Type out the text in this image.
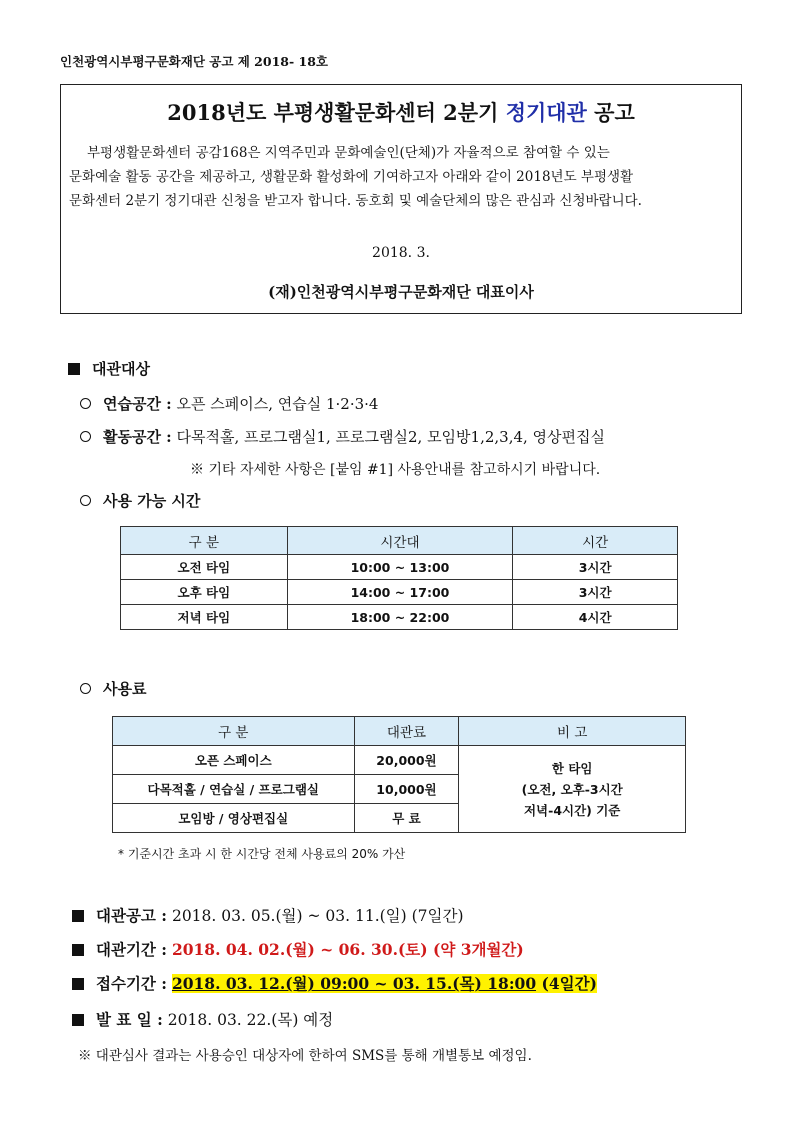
인천광역시부평구문화재단 공고 제 2018- 18호
2018년도 부평생활문화센터 2분기 정기대관 공고
부평생활문화센터 공감168은 지역주민과 문화예술인(단체)가 자율적으로 참여할 수 있는
문화예술 활동 공간을 제공하고, 생활문화 활성화에 기여하고자 아래와 같이 2018년도 부평생활
문화센터 2분기 정기대관 신청을 받고자 합니다. 동호회 및 예술단체의 많은 관심과 신청바랍니다.
2018. 3.
(재)인천광역시부평구문화재단 대표이사
대관대상
연습공간 : 오픈 스페이스, 연습실 1·2·3·4
활동공간 : 다목적홀, 프로그램실1, 프로그램실2, 모임방1,2,3,4, 영상편집실
※ 기타 자세한 사항은 [붙임 #1] 사용안내를 참고하시기 바랍니다.
사용 가능 시간
구 분	시간대	시간
오전 타임	10:00 ~ 13:00	3시간
오후 타임	14:00 ~ 17:00	3시간
저녁 타임	18:00 ~ 22:00	4시간
사용료
구 분	대관료	비 고
오픈 스페이스	20,000원	한 타임
(오전, 오후-3시간
저녁-4시간) 기준

다목적홀 / 연습실 / 프로그램실	10,000원	
모임방 / 영상편집실	무 료	
* 기준시간 초과 시 한 시간당 전체 사용료의 20% 가산
대관공고 : 2018. 03. 05.(월) ~ 03. 11.(일) (7일간)
대관기간 : 2018. 04. 02.(월) ~ 06. 30.(토) (약 3개월간)
접수기간 : 2018. 03. 12.(월) 09:00 ~ 03. 15.(목) 18:00 (4일간)
발 표 일 : 2018. 03. 22.(목) 예정
※ 대관심사 결과는 사용승인 대상자에 한하여 SMS를 통해 개별통보 예정임.
